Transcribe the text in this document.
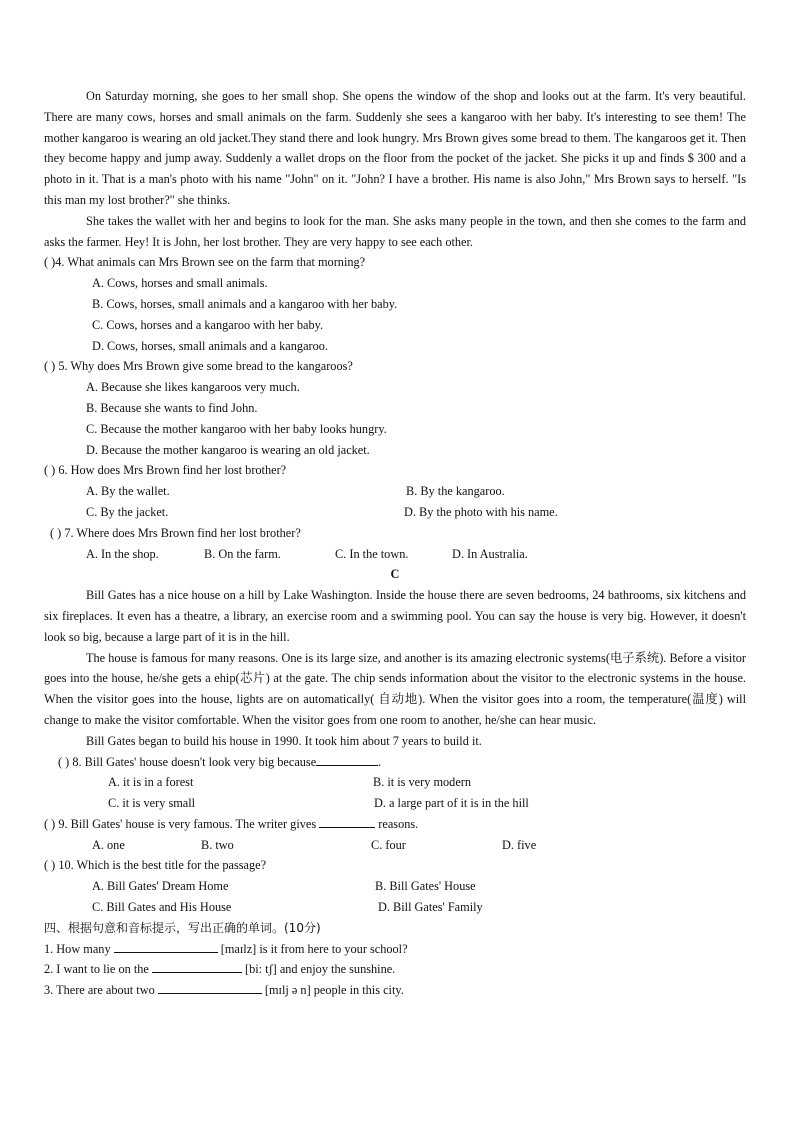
On Saturday morning, she goes to her small shop. She opens the window of the shop and looks out at the farm. It's very beautiful. There are many cows, horses and small animals on the farm. Suddenly she sees a kangaroo with her baby. It's interesting to see them! The mother kangaroo is wearing an old jacket.They stand there and look hungry. Mrs Brown gives some bread to them. The kangaroos get it. Then they become happy and jump away. Suddenly a wallet drops on the floor from the pocket of the jacket. She picks it up and finds $ 300 and a photo in it. That is a man's photo with his name "John" on it. "John? I have a brother. His name is also John," Mrs Brown says to herself. "Is this man my lost brother?" she thinks.

She takes the wallet with her and begins to look for the man. She asks many people in the town, and then she comes to the farm and asks the farmer. Hey! It is John, her lost brother. They are very happy to see each other.

( )4. What animals can Mrs Brown see on the farm that morning?
A. Cows, horses and small animals.
B. Cows, horses, small animals and a kangaroo with her baby.
C. Cows, horses and a kangaroo with her baby.
D. Cows, horses, small animals and a kangaroo.
( ) 5. Why does Mrs Brown give some bread to the kangaroos?
A. Because she likes kangaroos very much.
B. Because she wants to find John.
C. Because the mother kangaroo with her baby looks hungry.
D. Because the mother kangaroo is wearing an old jacket.
( ) 6. How does Mrs Brown find her lost brother?
A. By the wallet.	B. By the kangaroo.
C. By the jacket.	D. By the photo with his name.
( ) 7. Where does Mrs Brown find her lost brother?
A. In the shop.	B. On the farm.	C. In the town.	D. In Australia.
C

Bill Gates has a nice house on a hill by Lake Washington. Inside the house there are seven bedrooms, 24 bathrooms, six kitchens and six fireplaces. It even has a theatre, a library, an exercise room and a swimming pool. You can say the house is very big. However, it doesn't look so big, because a large part of it is in the hill.

The house is famous for many reasons. One is its large size, and another is its amazing electronic systems(电子系统). Before a visitor goes into the house, he/she gets a ehip(芯片) at the gate. The chip sends information about the visitor to the electronic systems in the house. When the visitor goes into the house, lights are on automatically( 自动地). When the visitor goes into a room, the temperature(温度) will change to make the visitor comfortable. When the visitor goes from one room to another, he/she can hear music.

Bill Gates began to build his house in 1990. It took him about 7 years to build it.

( ) 8. Bill Gates' house doesn't look very big because	.
A. it is in a forest	B. it is very modern
C. it is very small	D. a large part of it is in the hill
( ) 9. Bill Gates' house is very famous. The writer gives	reasons.
A. one	B. two	C. four	D. five
( ) 10. Which is the best title for the passage?
A. Bill Gates' Dream Home	B. Bill Gates' House
C. Bill Gates and His House	D. Bill Gates' Family
四、根据句意和音标提示，写出正确的单词。(10分)
1. How many	[maɪlz] is it from here to your school?
2. I want to lie on the	[bi: tʃ] and enjoy the sunshine.
3. There are about two	[mɪlj ə n] people in this city.
